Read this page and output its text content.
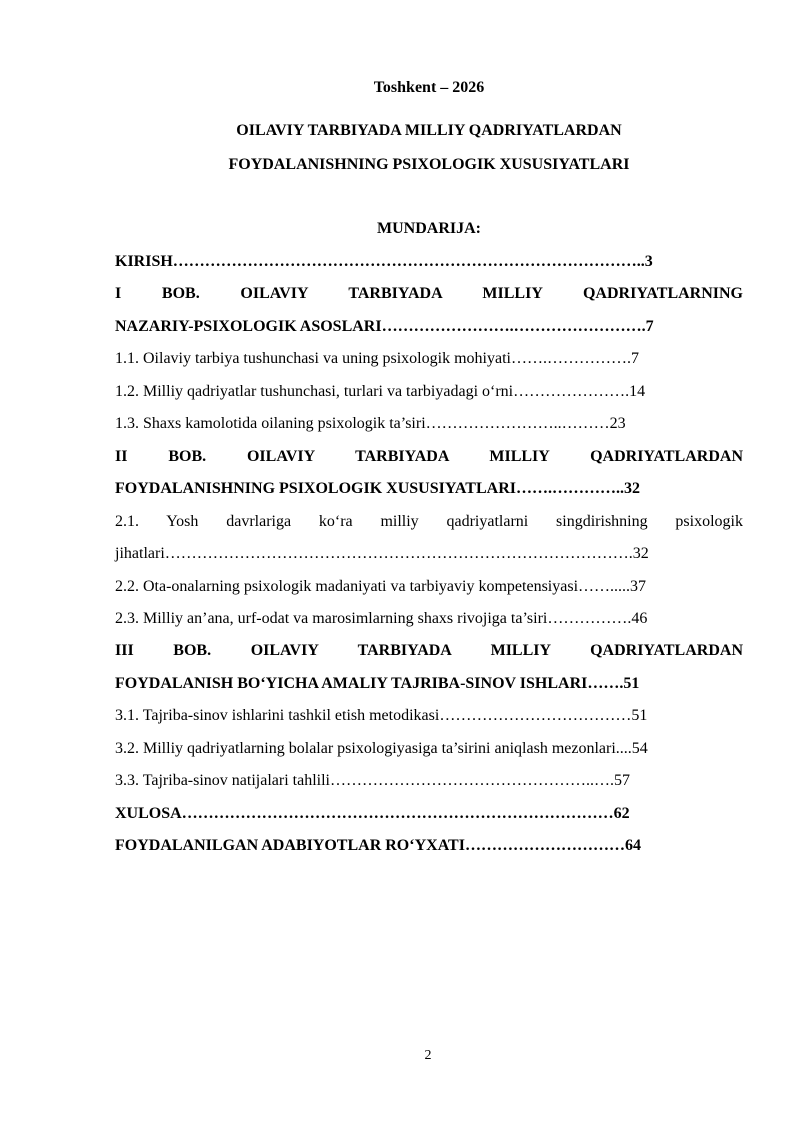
Toshkent – 2026
OILAVIY TARBIYADA MILLIY QADRIYATLARDAN
FOYDALANISHNING PSIXOLOGIK XUSUSIYATLARI
MUNDARIJA:
KIRISH……………………………………………………………………………..3
I BOB. OILAVIY TARBIYADA MILLIY QADRIYATLARNING
NAZARIY-PSIXOLOGIK ASOSLARI…………………….…………………….7
1.1. Oilaviy tarbiya tushunchasi va uning psixologik mohiyati…….…………….7
1.2. Milliy qadriyatlar tushunchasi, turlari va tarbiyadagi o‘rni………………….14
1.3. Shaxs kamolotida oilaning psixologik ta’siri……………………..………23
II BOB. OILAVIY TARBIYADA MILLIY QADRIYATLARDAN
FOYDALANISHNING PSIXOLOGIK XUSUSIYATLARI…….…………..32
2.1. Yosh davrlariga ko‘ra milliy qadriyatlarni singdirishning psixologik
jihatlari…………………………………………………………………………….32
2.2. Ota-onalarning psixologik madaniyati va tarbiyaviy kompetensiyasi…….....37
2.3. Milliy an’ana, urf-odat va marosimlarning shaxs rivojiga ta’siri…………….46
III BOB. OILAVIY TARBIYADA MILLIY QADRIYATLARDAN
FOYDALANISH BO‘YICHA AMALIY TAJRIBA-SINOV ISHLARI…….51
3.1. Tajriba-sinov ishlarini tashkil etish metodikasi………………………………51
3.2. Milliy qadriyatlarning bolalar psixologiyasiga ta’sirini aniqlash mezonlari....54
3.3. Tajriba-sinov natijalari tahlili…………………………………………..….57
XULOSA………………………………………………………………………62
FOYDALANILGAN ADABIYOTLAR RO‘YXATI…………………………64
2
